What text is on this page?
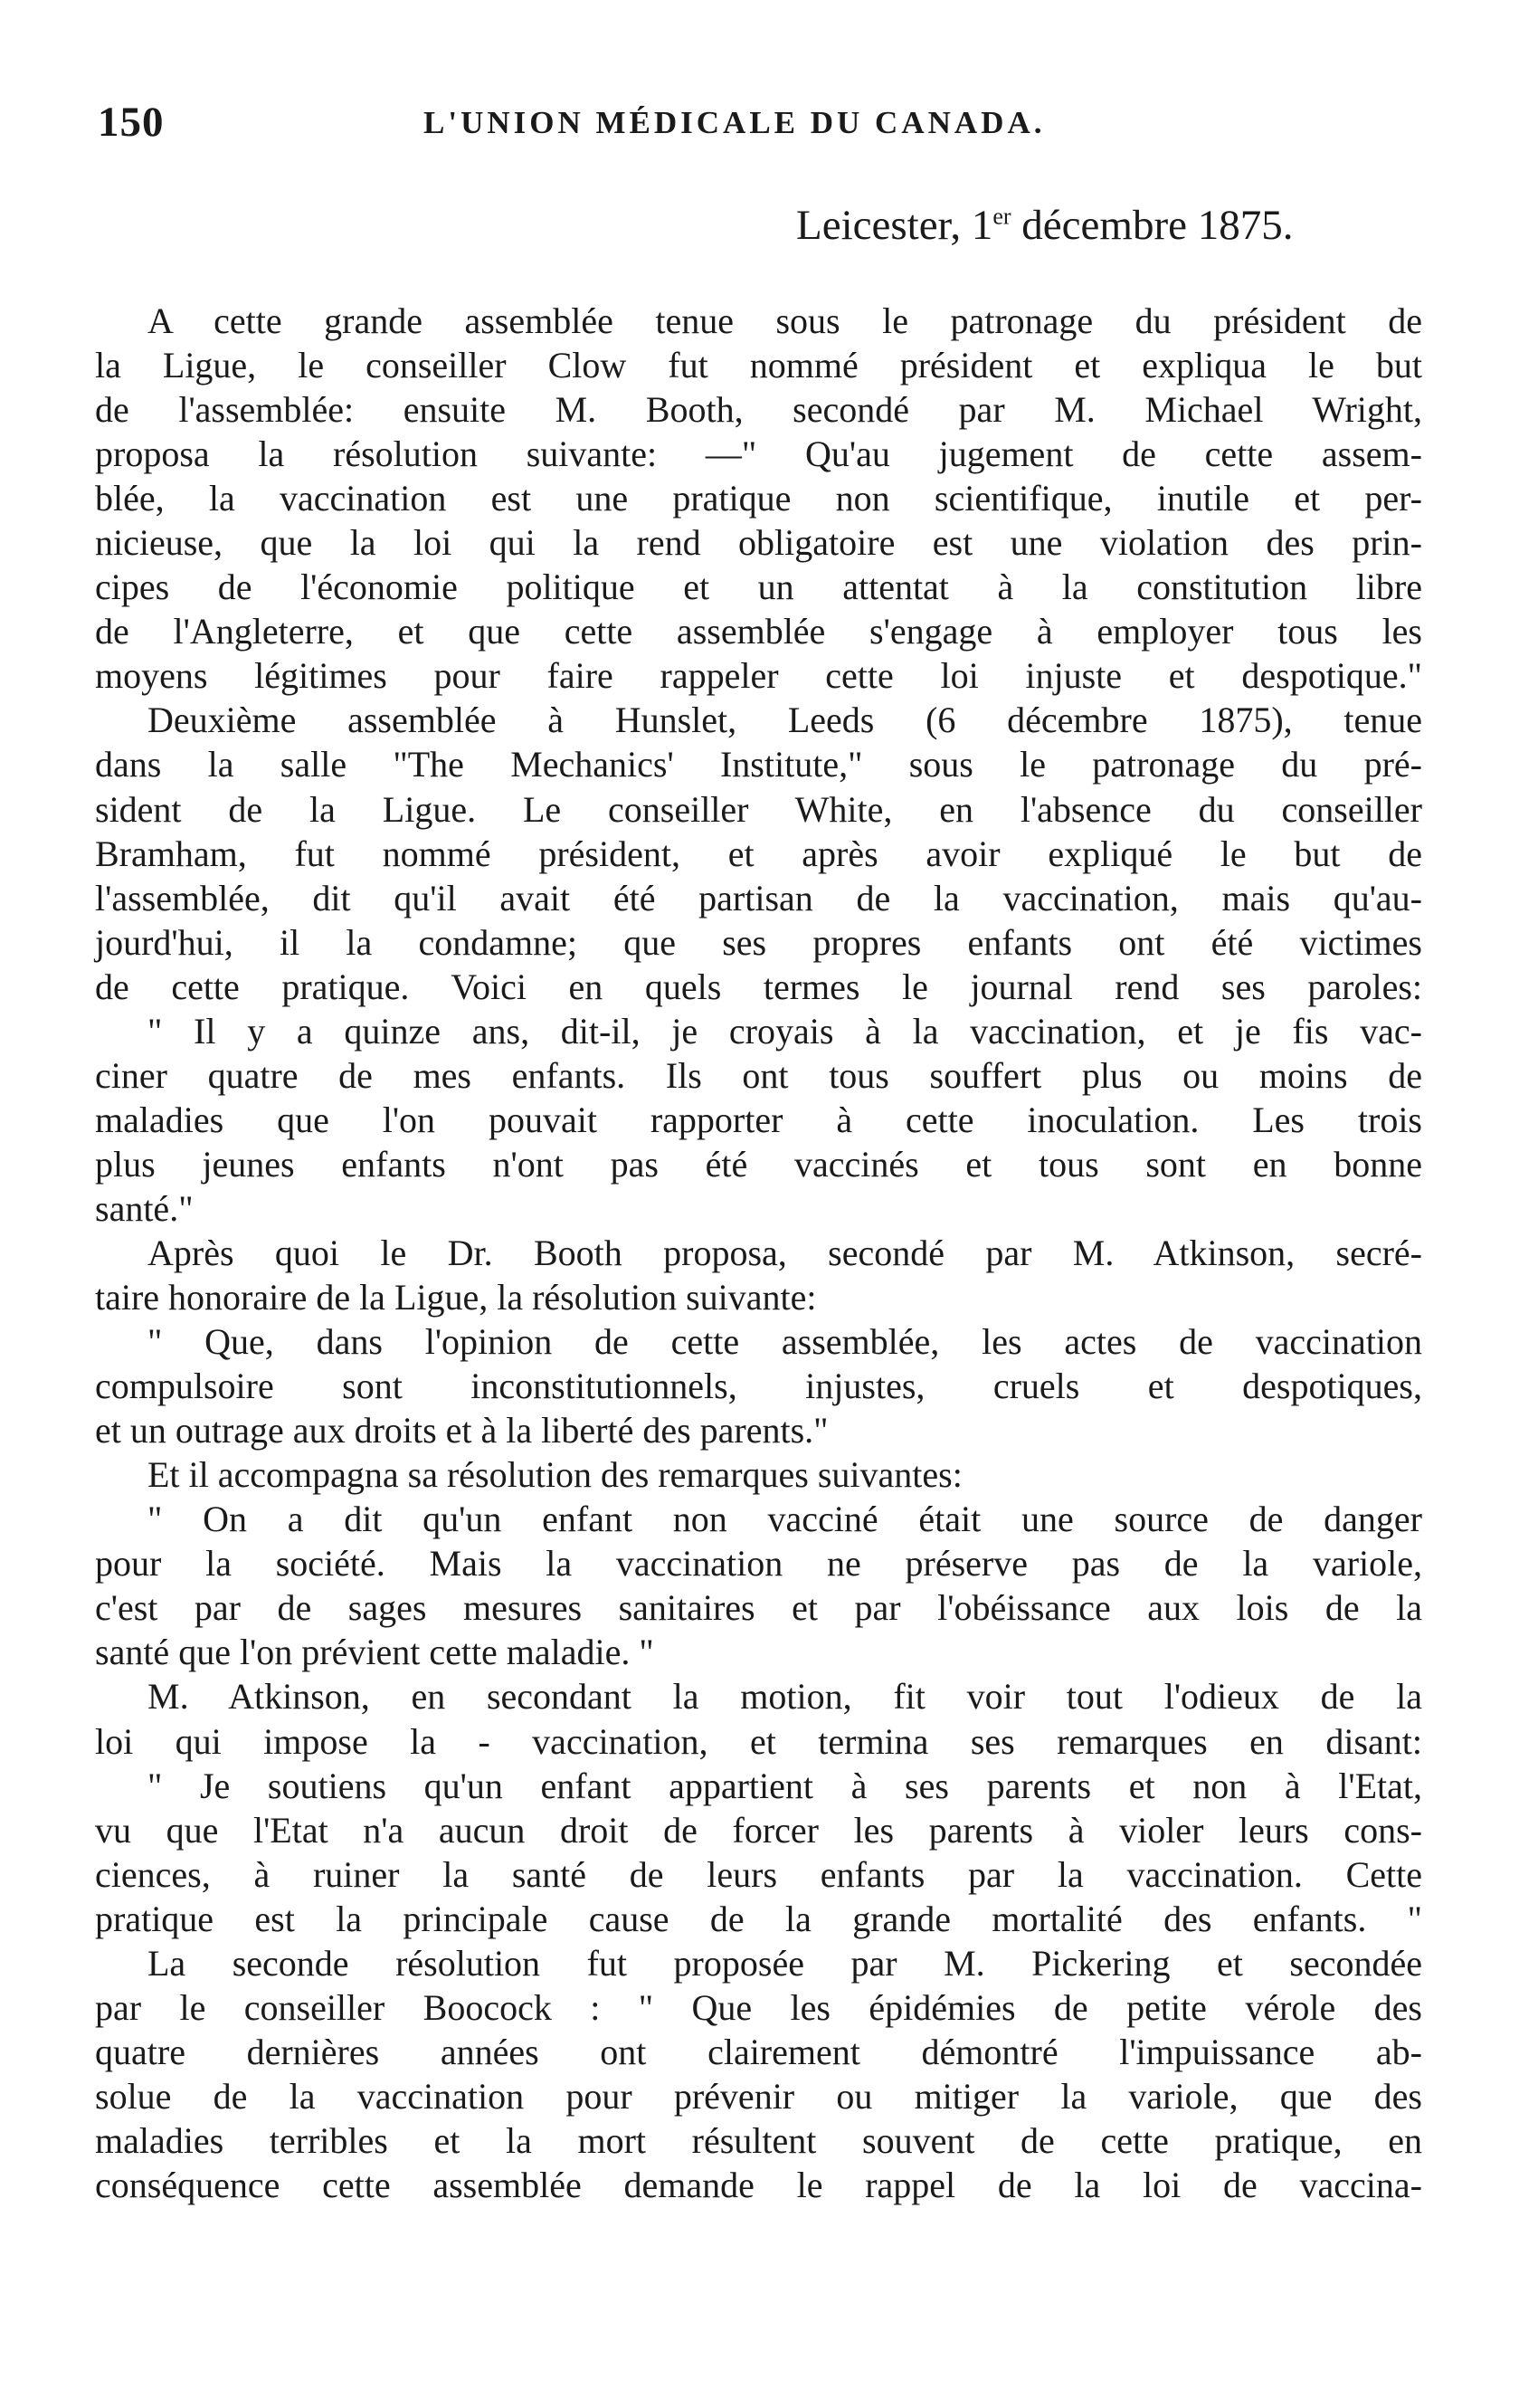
150	L'UNION MÉDICALE DU CANADA.
Leicester, 1er décembre 1875.
A cette grande assemblée tenue sous le patronage du président de
la Ligue, le conseiller Clow fut nommé président et expliqua le but
de l'assemblée: ensuite M. Booth, secondé par M. Michael Wright,
proposa la résolution suivante: —" Qu'au jugement de cette assem-
blée, la vaccination est une pratique non scientifique, inutile et per-
nicieuse, que la loi qui la rend obligatoire est une violation des prin-
cipes de l'économie politique et un attentat à la constitution libre
de l'Angleterre, et que cette assemblée s'engage à employer tous les
moyens légitimes pour faire rappeler cette loi injuste et despotique."
Deuxième assemblée à Hunslet, Leeds (6 décembre 1875), tenue
dans la salle "The Mechanics' Institute," sous le patronage du pré-
sident de la Ligue. Le conseiller White, en l'absence du conseiller
Bramham, fut nommé président, et après avoir expliqué le but de
l'assemblée, dit qu'il avait été partisan de la vaccination, mais qu'au-
jourd'hui, il la condamne; que ses propres enfants ont été victimes
de cette pratique. Voici en quels termes le journal rend ses paroles:
" Il y a quinze ans, dit-il, je croyais à la vaccination, et je fis vac-
ciner quatre de mes enfants. Ils ont tous souffert plus ou moins de
maladies que l'on pouvait rapporter à cette inoculation. Les trois
plus jeunes enfants n'ont pas été vaccinés et tous sont en bonne
santé."
Après quoi le Dr. Booth proposa, secondé par M. Atkinson, secré-
taire honoraire de la Ligue, la résolution suivante:
" Que, dans l'opinion de cette assemblée, les actes de vaccination
compulsoire sont inconstitutionnels, injustes, cruels et despotiques,
et un outrage aux droits et à la liberté des parents."
Et il accompagna sa résolution des remarques suivantes:
" On a dit qu'un enfant non vacciné était une source de danger
pour la société. Mais la vaccination ne préserve pas de la variole,
c'est par de sages mesures sanitaires et par l'obéissance aux lois de la
santé que l'on prévient cette maladie. "
M. Atkinson, en secondant la motion, fit voir tout l'odieux de la
loi qui impose la - vaccination, et termina ses remarques en disant:
" Je soutiens qu'un enfant appartient à ses parents et non à l'Etat,
vu que l'Etat n'a aucun droit de forcer les parents à violer leurs cons-
ciences, à ruiner la santé de leurs enfants par la vaccination. Cette
pratique est la principale cause de la grande mortalité des enfants. "
La seconde résolution fut proposée par M. Pickering et secondée
par le conseiller Boocock : " Que les épidémies de petite vérole des
quatre dernières années ont clairement démontré l'impuissance ab-
solue de la vaccination pour prévenir ou mitiger la variole, que des
maladies terribles et la mort résultent souvent de cette pratique, en
conséquence cette assemblée demande le rappel de la loi de vaccina-
